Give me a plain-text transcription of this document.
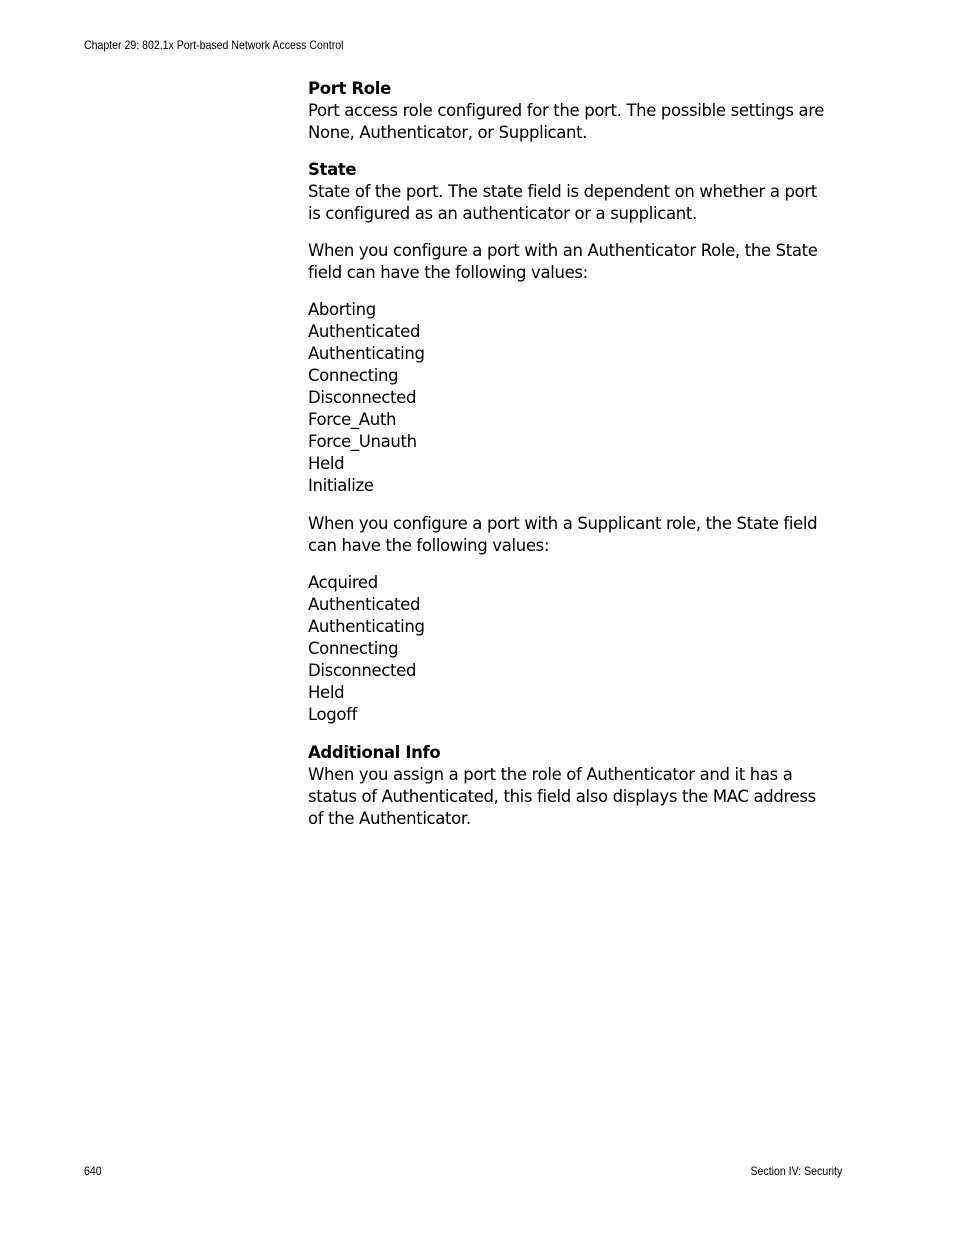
Chapter 29: 802.1x Port-based Network Access Control

Port Role

Port access role configured for the port. The possible settings are None, Authenticator, or Supplicant.

State

State of the port. The state field is dependent on whether a port is configured as an authenticator or a supplicant.

When you configure a port with an Authenticator Role, the State field can have the following values:

Aborting
Authenticated
Authenticating
Connecting
Disconnected
Force_Auth
Force_Unauth
Held
Initialize

When you configure a port with a Supplicant role, the State field can have the following values:

Acquired
Authenticated
Authenticating
Connecting
Disconnected
Held
Logoff

Additional Info

When you assign a port the role of Authenticator and it has a status of Authenticated, this field also displays the MAC address of the Authenticator.

640	Section IV: Security
